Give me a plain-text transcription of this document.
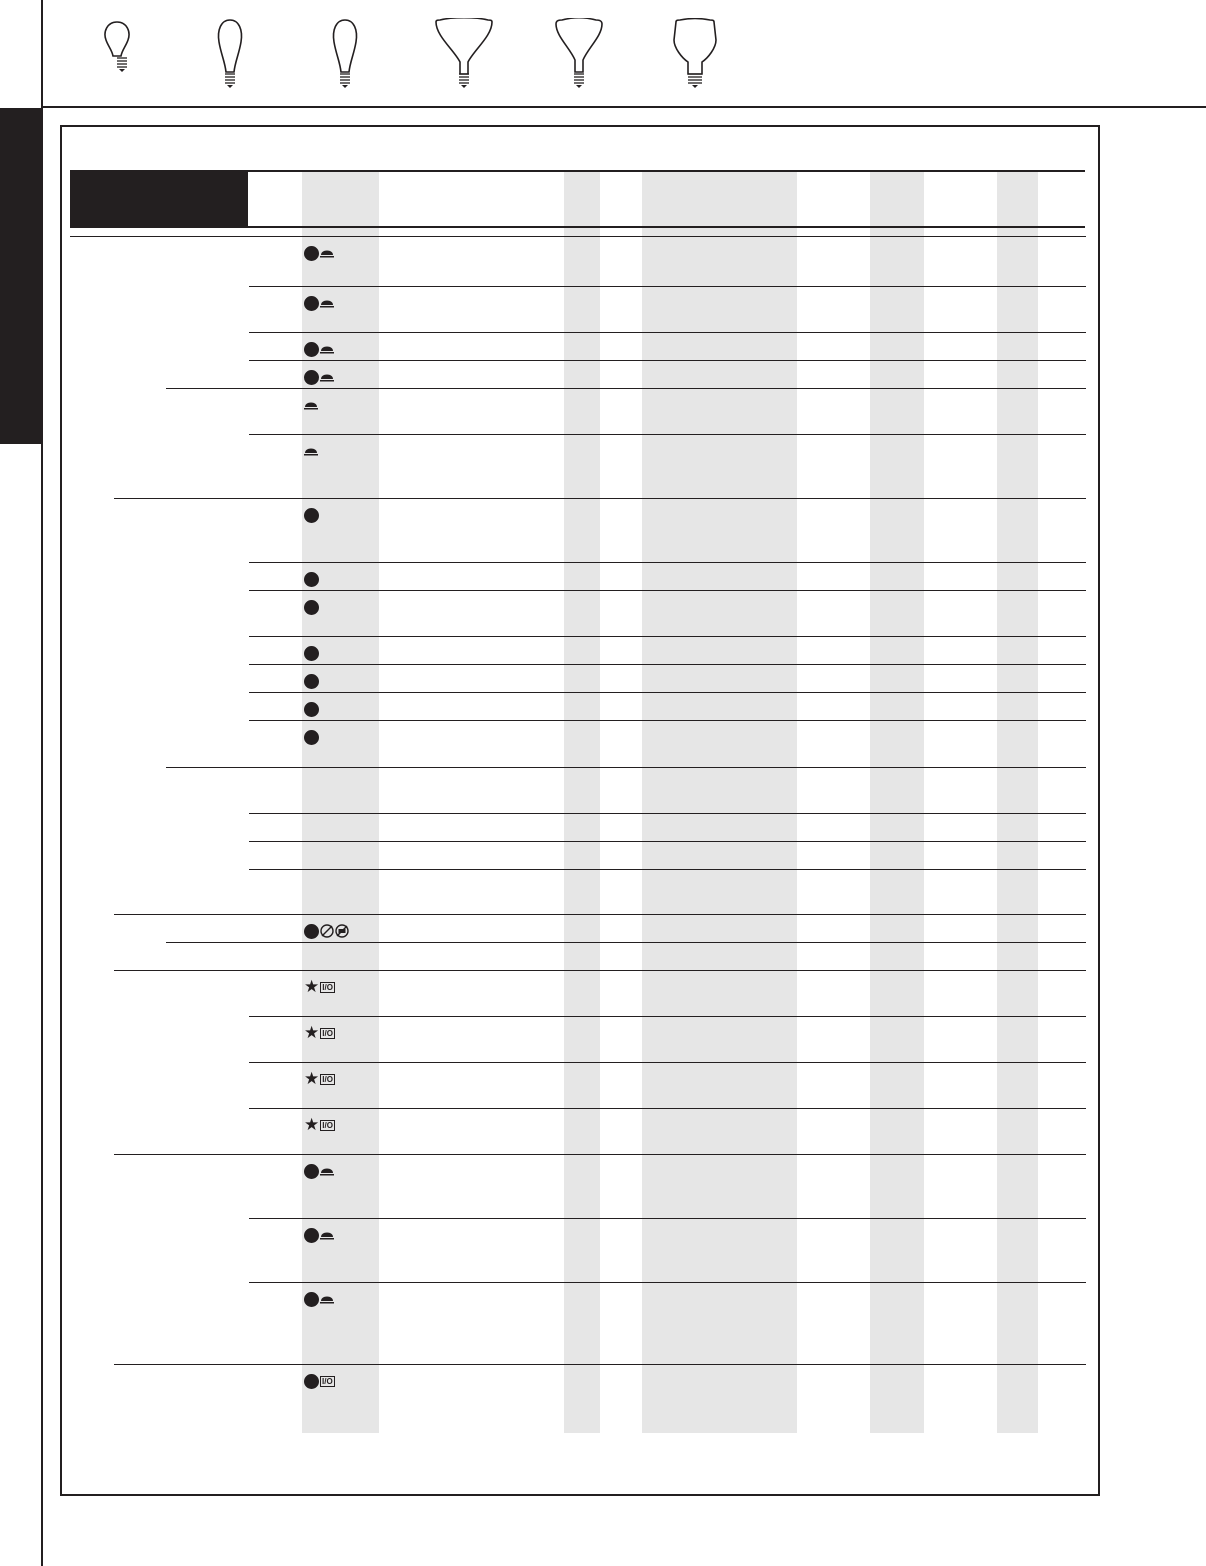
★ I/O
★ I/O
★ I/O
★ I/O
I/O
